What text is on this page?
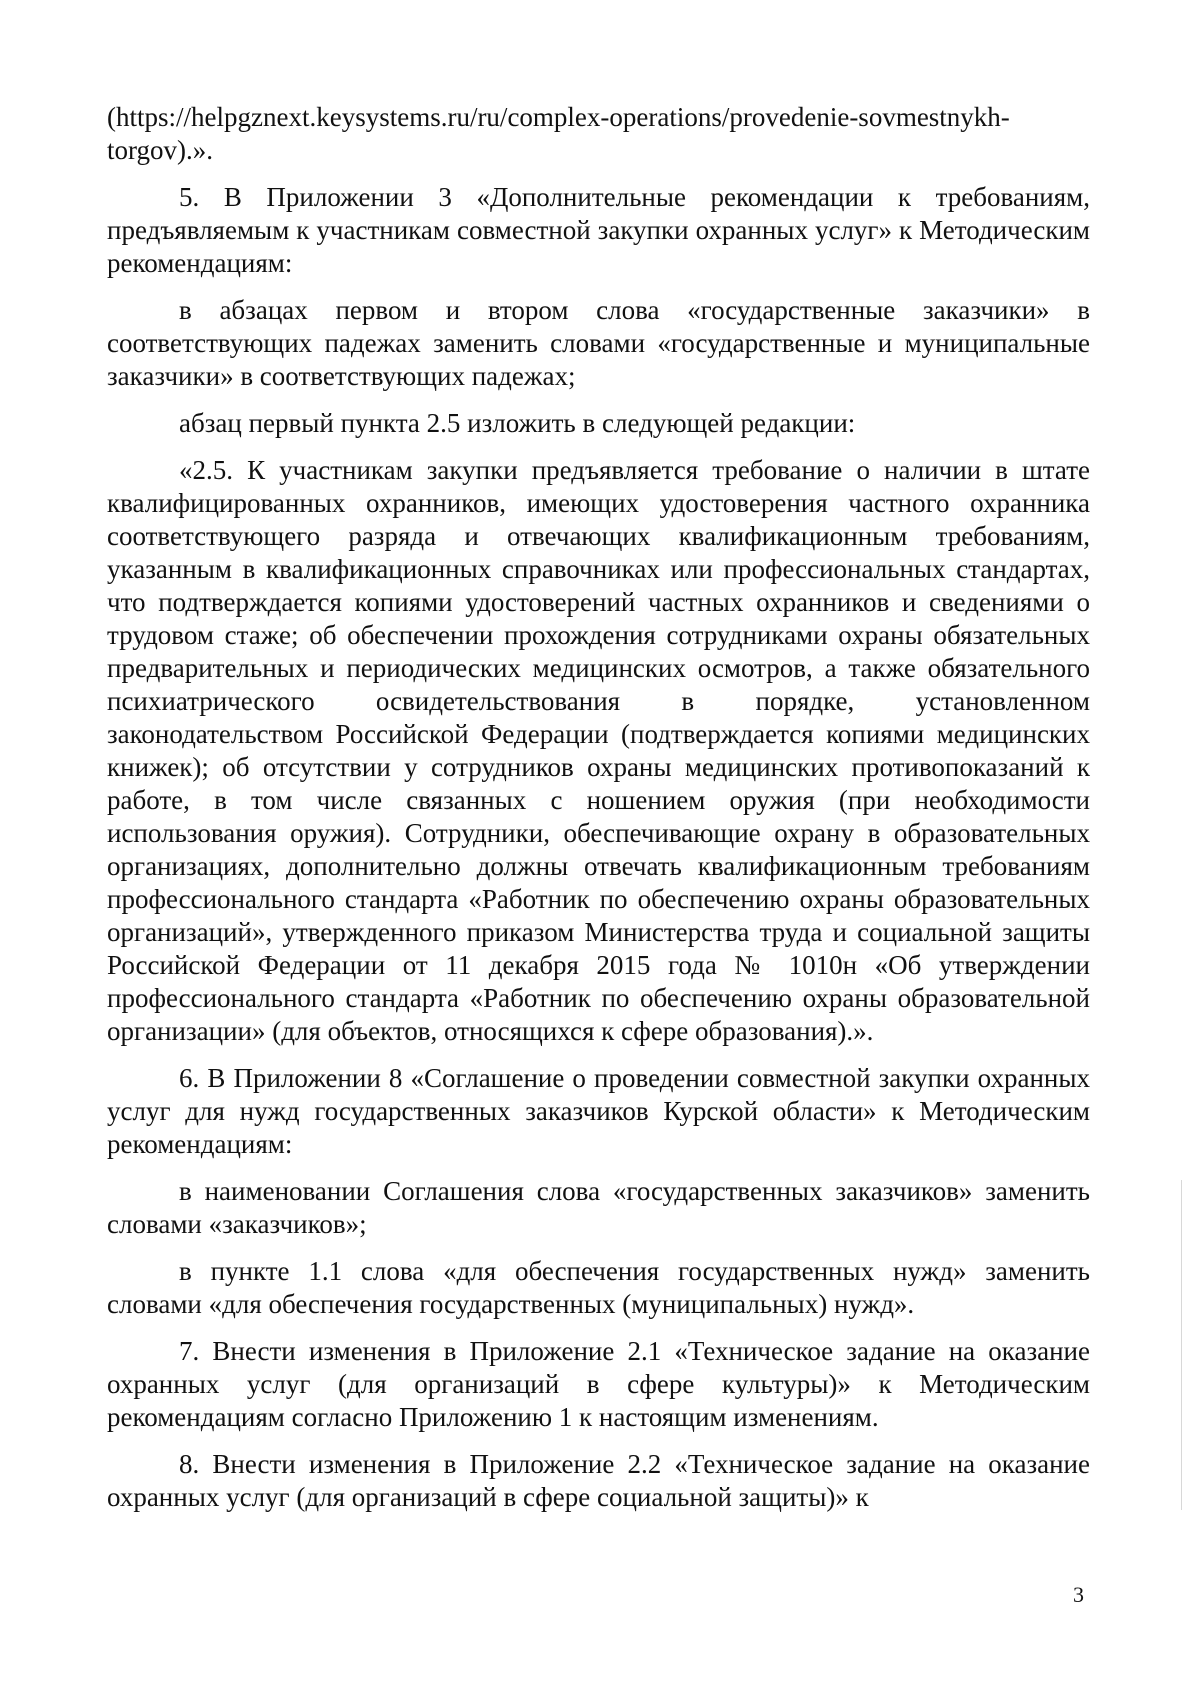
(https://helpgznext.keysystems.ru/ru/complex-operations/provedenie-sovmestnykh-torgov).».

5. В Приложении 3 «Дополнительные рекомендации к требованиям, предъявляемым к участникам совместной закупки охранных услуг» к Методическим рекомендациям:

в абзацах первом и втором слова «государственные заказчики» в соответствующих падежах заменить словами «государственные и муниципальные заказчики» в соответствующих падежах;

абзац первый пункта 2.5 изложить в следующей редакции:

«2.5. К участникам закупки предъявляется требование о наличии в штате квалифицированных охранников, имеющих удостоверения частного охранника соответствующего разряда и отвечающих квалификационным требованиям, указанным в квалификационных справочниках или профессиональных стандартах, что подтверждается копиями удостоверений частных охранников и сведениями о трудовом стаже; об обеспечении прохождения сотрудниками охраны обязательных предварительных и периодических медицинских осмотров, а также обязательного психиатрического освидетельствования в порядке, установленном законодательством Российской Федерации (подтверждается копиями медицинских книжек); об отсутствии у сотрудников охраны медицинских противопоказаний к работе, в том числе связанных с ношением оружия (при необходимости использования оружия). Сотрудники, обеспечивающие охрану в образовательных организациях, дополнительно должны отвечать квалификационным требованиям профессионального стандарта «Работник по обеспечению охраны образовательных организаций», утвержденного приказом Министерства труда и социальной защиты Российской Федерации от 11 декабря 2015 года № 1010н «Об утверждении профессионального стандарта «Работник по обеспечению охраны образовательной организации» (для объектов, относящихся к сфере образования).».

6. В Приложении 8 «Соглашение о проведении совместной закупки охранных услуг для нужд государственных заказчиков Курской области» к Методическим рекомендациям:

в наименовании Соглашения слова «государственных заказчиков» заменить словами «заказчиков»;

в пункте 1.1 слова «для обеспечения государственных нужд» заменить словами «для обеспечения государственных (муниципальных) нужд».

7. Внести изменения в Приложение 2.1 «Техническое задание на оказание охранных услуг (для организаций в сфере культуры)» к Методическим рекомендациям согласно Приложению 1 к настоящим изменениям.

8. Внести изменения в Приложение 2.2 «Техническое задание на оказание охранных услуг (для организаций в сфере социальной защиты)» к

3
